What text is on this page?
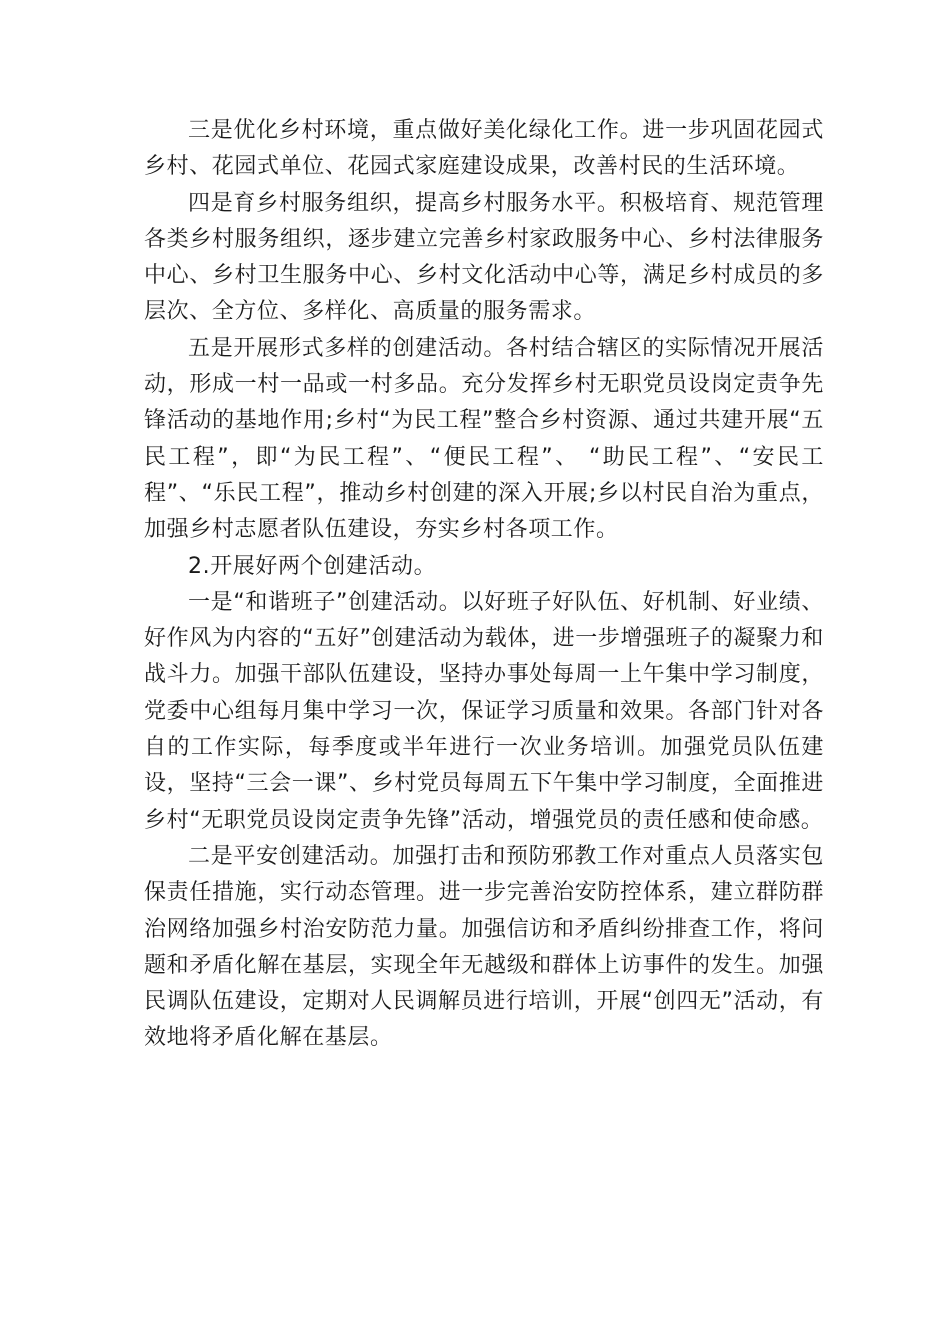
三是优化乡村环境，重点做好美化绿化工作。进一步巩固花园式乡村、花园式单位、花园式家庭建设成果，改善村民的生活环境。

四是育乡村服务组织，提高乡村服务水平。积极培育、规范管理各类乡村服务组织，逐步建立完善乡村家政服务中心、乡村法律服务中心、乡村卫生服务中心、乡村文化活动中心等，满足乡村成员的多层次、全方位、多样化、高质量的服务需求。

五是开展形式多样的创建活动。各村结合辖区的实际情况开展活动，形成一村一品或一村多品。充分发挥乡村无职党员设岗定责争先锋活动的基地作用;乡村“为民工程”整合乡村资源、通过共建开展“五民工程”，即“为民工程”、“便民工程”、 “助民工程”、“安民工程”、“乐民工程”，推动乡村创建的深入开展;乡以村民自治为重点，加强乡村志愿者队伍建设，夯实乡村各项工作。

2.开展好两个创建活动。

一是“和谐班子”创建活动。以好班子好队伍、好机制、好业绩、好作风为内容的“五好”创建活动为载体，进一步增强班子的凝聚力和战斗力。加强干部队伍建设，坚持办事处每周一上午集中学习制度，党委中心组每月集中学习一次，保证学习质量和效果。各部门针对各自的工作实际，每季度或半年进行一次业务培训。加强党员队伍建设，坚持“三会一课”、乡村党员每周五下午集中学习制度，全面推进乡村“无职党员设岗定责争先锋”活动，增强党员的责任感和使命感。

二是平安创建活动。加强打击和预防邪教工作对重点人员落实包保责任措施，实行动态管理。进一步完善治安防控体系，建立群防群治网络加强乡村治安防范力量。加强信访和矛盾纠纷排查工作，将问题和矛盾化解在基层，实现全年无越级和群体上访事件的发生。加强民调队伍建设，定期对人民调解员进行培训，开展“创四无”活动，有效地将矛盾化解在基层。
